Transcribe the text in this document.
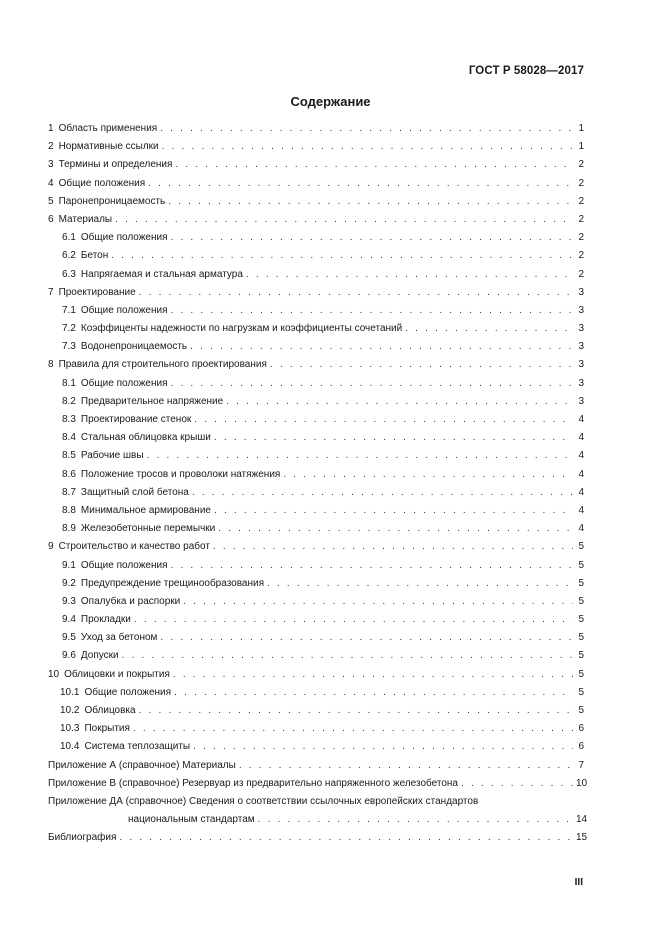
ГОСТ Р 58028—2017
Содержание
1 Область применения . . .	1
2 Нормативные ссылки . . .	1
3 Термины и определения . . .	2
4 Общие положения . . .	2
5 Паронепроницаемость . . .	2
6 Материалы . . .	2
6.1 Общие положения . . .	2
6.2 Бетон . . .	2
6.3 Напрягаемая и стальная арматура . . .	2
7 Проектирование . . .	3
7.1 Общие положения . . .	3
7.2 Коэффиценты надежности по нагрузкам и коэффициенты сочетаний . . .	3
7.3 Водонепроницаемость . . .	3
8 Правила для строительного проектирования . . .	3
8.1 Общие положения . . .	3
8.2 Предварительное напряжение . . .	3
8.3 Проектирование стенок . . .	4
8.4 Стальная облицовка крыши . . .	4
8.5 Рабочие швы . . .	4
8.6 Положение тросов и проволоки натяжения . . .	4
8.7 Защитный слой бетона . . .	4
8.8 Минимальное армирование . . .	4
8.9 Железобетонные перемычки . . .	4
9 Строительство и качество работ . . .	5
9.1 Общие положения . . .	5
9.2 Предупреждение трещинообразования . . .	5
9.3 Опалубка и распорки . . .	5
9.4 Прокладки . . .	5
9.5 Уход за бетоном . . .	5
9.6 Допуски . . .	5
10 Облицовки и покрытия . . .	5
10.1 Общие положения . . .	5
10.2 Облицовка . . .	5
10.3 Покрытия . . .	6
10.4 Система теплозащиты . . .	6
Приложение А (справочное) Материалы . . .	7
Приложение В (справочное) Резервуар из предварительно напряженного железобетона . . .	10
Приложение ДА (справочное) Сведения о соответствии ссылочных европейских стандартов
национальным стандартам . . .	14
Библиография . . .	15
III
